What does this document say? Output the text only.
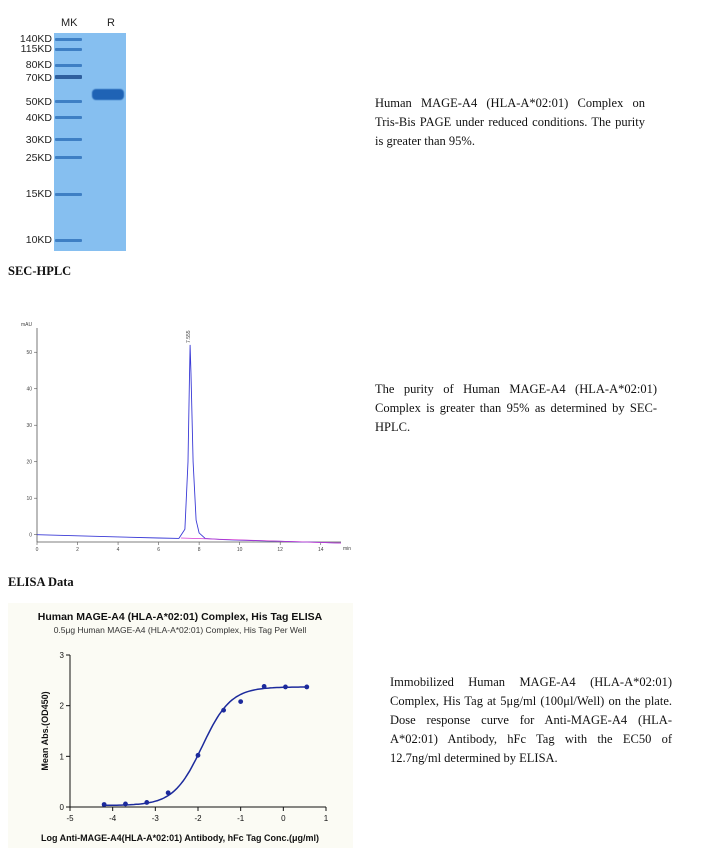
MK	R
140KD
115KD
80KD
70KD
50KD
40KD
30KD
25KD
15KD
10KD
Human MAGE-A4 (HLA-A*02:01) Complex on Tris-Bis PAGE under reduced conditions. The purity is greater than 95%.
SEC-HPLC
mAU
min
0
10
20
30
40
50
0	2	4	6	8	10	12	14
7.555
The purity of Human MAGE-A4 (HLA-A*02:01) Complex is greater than 95% as determined by SEC-HPLC.
ELISA Data
Human MAGE-A4 (HLA-A*02:01) Complex, His Tag ELISA
0.5μg Human MAGE-A4 (HLA-A*02:01) Complex, His Tag Per Well
0
1
2
3
-5	-4	-3	-2	-1	0	1
Mean Abs.(OD450)
Log Anti-MAGE-A4(HLA-A*02:01) Antibody, hFc Tag Conc.(μg/ml)
Immobilized Human MAGE-A4 (HLA-A*02:01) Complex, His Tag at 5μg/ml (100μl/Well) on the plate. Dose response curve for Anti-MAGE-A4 (HLA-A*02:01) Antibody, hFc Tag with the EC50 of 12.7ng/ml determined by ELISA.
